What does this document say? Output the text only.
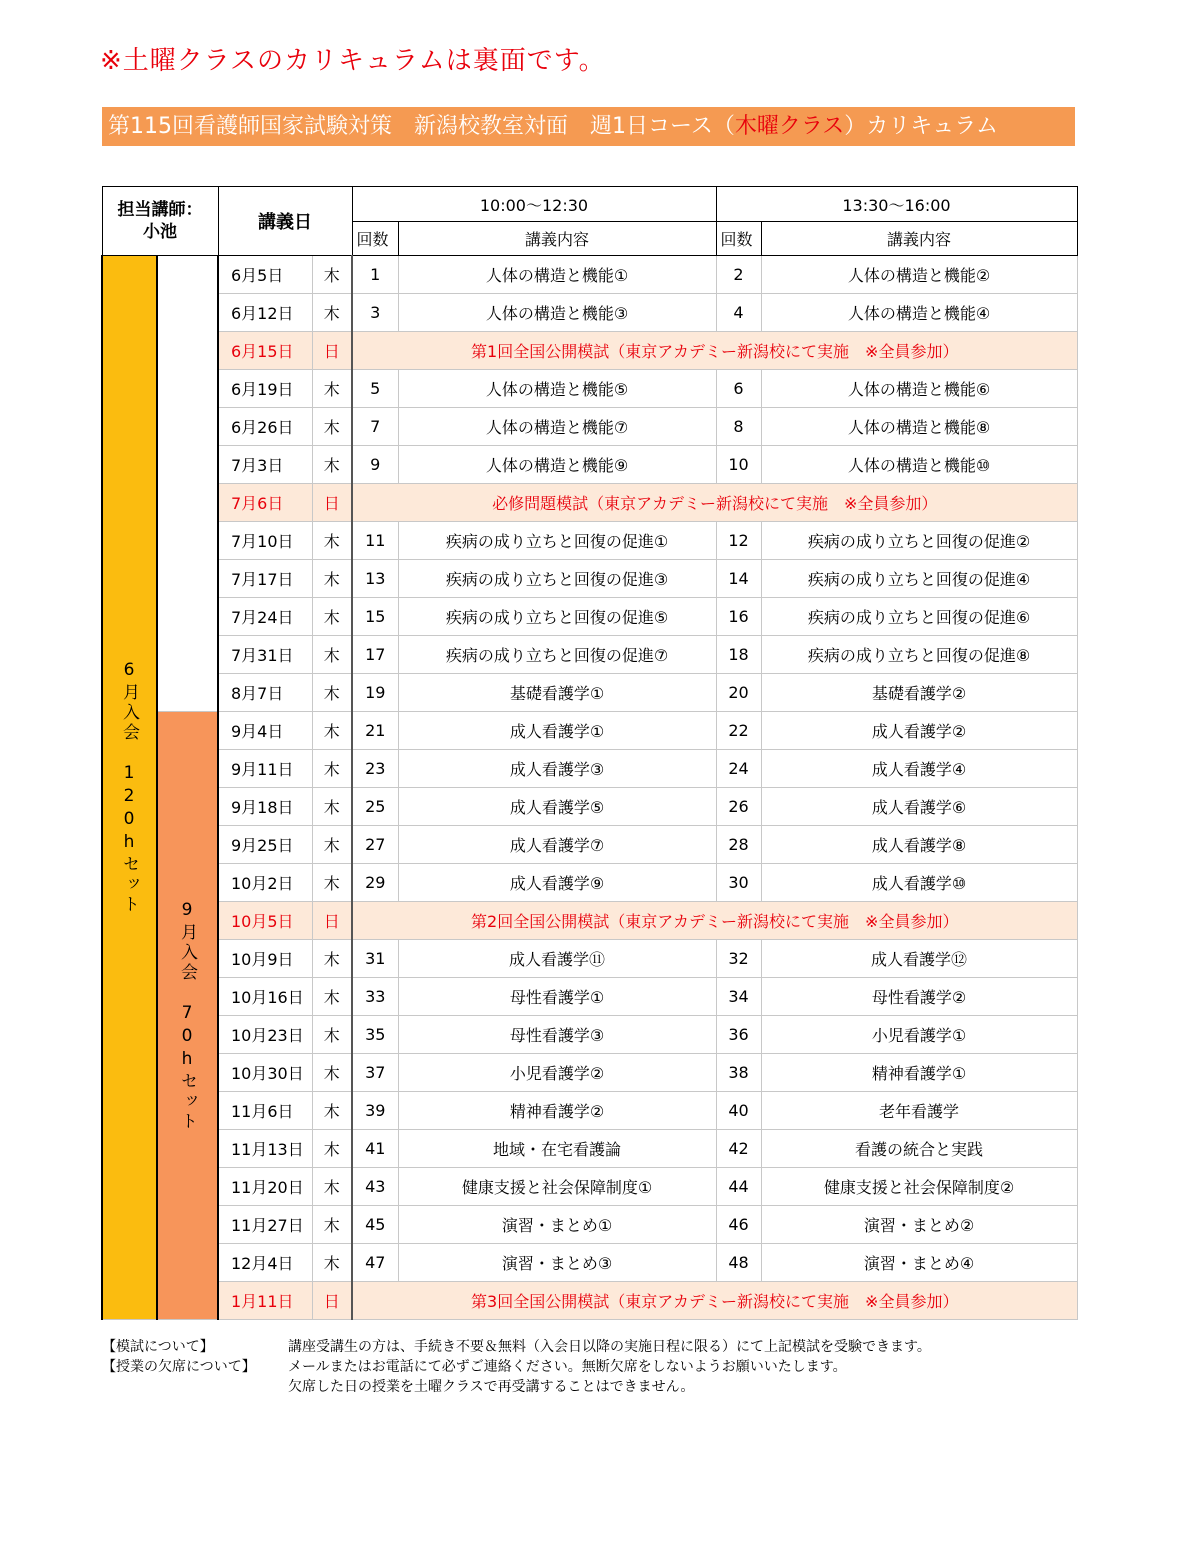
※土曜クラスのカリキュラムは裏面です。
第115回看護師国家試験対策　新潟校教室対面　週1日コース（木曜クラス）カリキュラム
担当講師：
小池		講義日		10:00～12:30		13:30～16:00	
				回数	講義内容	回数	講義内容

6月入会　120hセット		6月5日	木	1	人体の構造と機能①	2	人体の構造と機能②
		6月12日	木	3	人体の構造と機能③	4	人体の構造と機能④
		6月15日	日	第1回全国公開模試（東京アカデミー新潟校にて実施　※全員参加）			
		6月19日	木	5	人体の構造と機能⑤	6	人体の構造と機能⑥
		6月26日	木	7	人体の構造と機能⑦	8	人体の構造と機能⑧
		7月3日	木	9	人体の構造と機能⑨	10	人体の構造と機能⑩
		7月6日	日	必修問題模試（東京アカデミー新潟校にて実施　※全員参加）			
		7月10日	木	11	疾病の成り立ちと回復の促進①	12	疾病の成り立ちと回復の促進②
		7月17日	木	13	疾病の成り立ちと回復の促進③	14	疾病の成り立ちと回復の促進④
		7月24日	木	15	疾病の成り立ちと回復の促進⑤	16	疾病の成り立ちと回復の促進⑥
		7月31日	木	17	疾病の成り立ちと回復の促進⑦	18	疾病の成り立ちと回復の促進⑧
		8月7日	木	19	基礎看護学①	20	基礎看護学②

	9月入会　70hセット	9月4日	木	21	成人看護学①	22	成人看護学②
		9月11日	木	23	成人看護学③	24	成人看護学④
		9月18日	木	25	成人看護学⑤	26	成人看護学⑥
		9月25日	木	27	成人看護学⑦	28	成人看護学⑧
		10月2日	木	29	成人看護学⑨	30	成人看護学⑩
		10月5日	日	第2回全国公開模試（東京アカデミー新潟校にて実施　※全員参加）			
		10月9日	木	31	成人看護学⑪	32	成人看護学⑫
		10月16日	木	33	母性看護学①	34	母性看護学②
		10月23日	木	35	母性看護学③	36	小児看護学①
		10月30日	木	37	小児看護学②	38	精神看護学①
		11月6日	木	39	精神看護学②	40	老年看護学
		11月13日	木	41	地域・在宅看護論	42	看護の統合と実践
		11月20日	木	43	健康支援と社会保障制度①	44	健康支援と社会保障制度②
		11月27日	木	45	演習・まとめ①	46	演習・まとめ②
		12月4日	木	47	演習・まとめ③	48	演習・まとめ④
		1月11日	日	第3回全国公開模試（東京アカデミー新潟校にて実施　※全員参加）			
【模試について】	講座受講生の方は、手続き不要＆無料（入会日以降の実施日程に限る）にて上記模試を受験できます。
【授業の欠席について】 メールまたはお電話にて必ずご連絡ください。無断欠席をしないようお願いいたします。
欠席した日の授業を土曜クラスで再受講することはできません。
